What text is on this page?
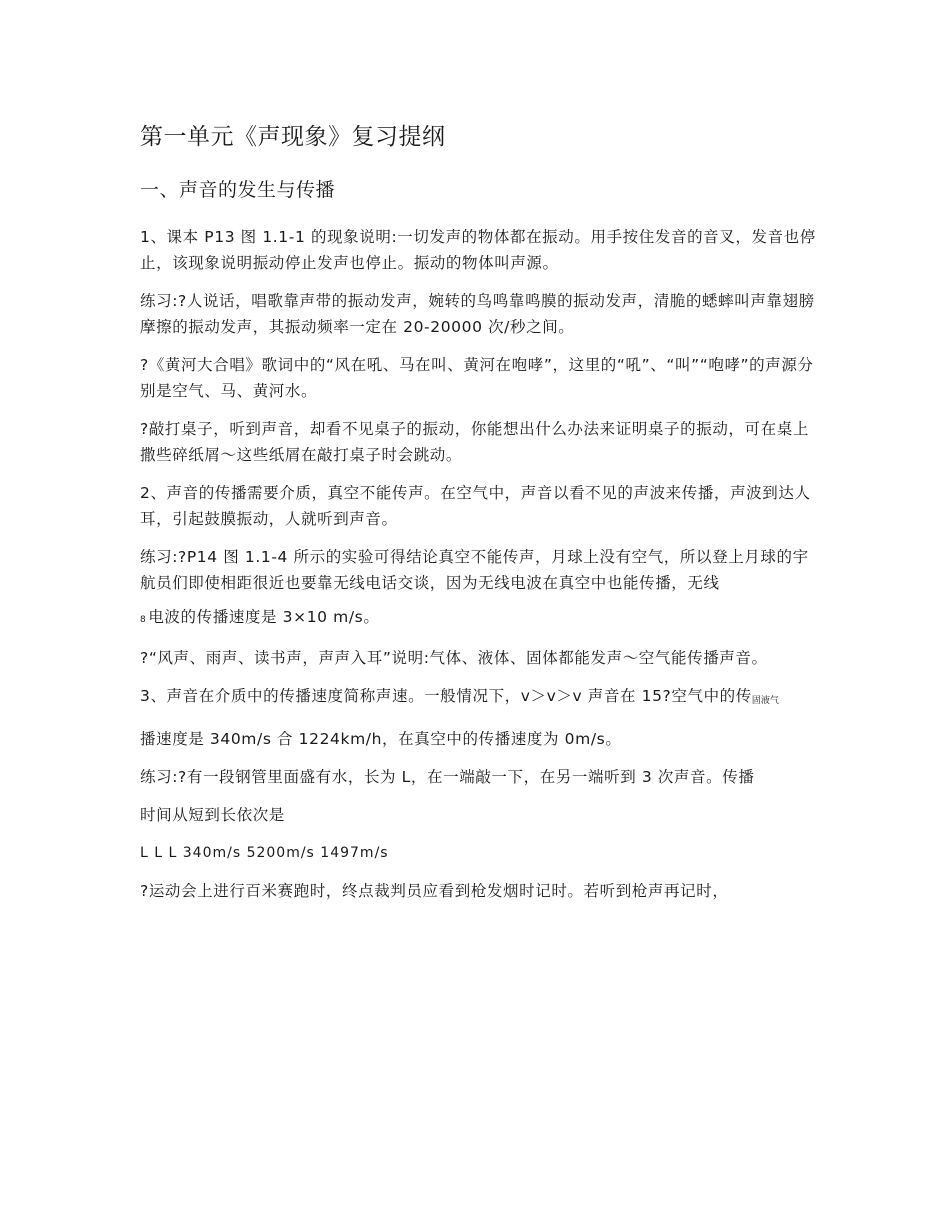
第一单元《声现象》复习提纲
一、声音的发生与传播
1、课本 P13 图 1.1-1 的现象说明:一切发声的物体都在振动。用手按住发音的音叉，发音也停止，该现象说明振动停止发声也停止。振动的物体叫声源。
练习:?人说话，唱歌靠声带的振动发声，婉转的鸟鸣靠鸣膜的振动发声，清脆的蟋蟀叫声靠翅膀摩擦的振动发声，其振动频率一定在 20-20000 次/秒之间。
?《黄河大合唱》歌词中的“风在吼、马在叫、黄河在咆哮”，这里的“吼”、“叫”“咆哮”的声源分别是空气、马、黄河水。
?敲打桌子，听到声音，却看不见桌子的振动，你能想出什么办法来证明桌子的振动，可在桌上撒些碎纸屑～这些纸屑在敲打桌子时会跳动。
2、声音的传播需要介质，真空不能传声。在空气中，声音以看不见的声波来传播，声波到达人耳，引起鼓膜振动，人就听到声音。
练习:?P14 图 1.1-4 所示的实验可得结论真空不能传声，月球上没有空气，所以登上月球的宇航员们即使相距很近也要靠无线电话交谈，因为无线电波在真空中也能传播，无线
8 电波的传播速度是 3×10 m/s。
?“风声、雨声、读书声，声声入耳”说明:气体、液体、固体都能发声～空气能传播声音。
3、声音在介质中的传播速度简称声速。一般情况下，v＞v＞v 声音在 15?空气中的传固液气
播速度是 340m/s 合 1224km/h，在真空中的传播速度为 0m/s。
练习:?有一段钢管里面盛有水，长为 L，在一端敲一下，在另一端听到 3 次声音。传播
时间从短到长依次是
L L L 340m/s 5200m/s 1497m/s
?运动会上进行百米赛跑时，终点裁判员应看到枪发烟时记时。若听到枪声再记时，
